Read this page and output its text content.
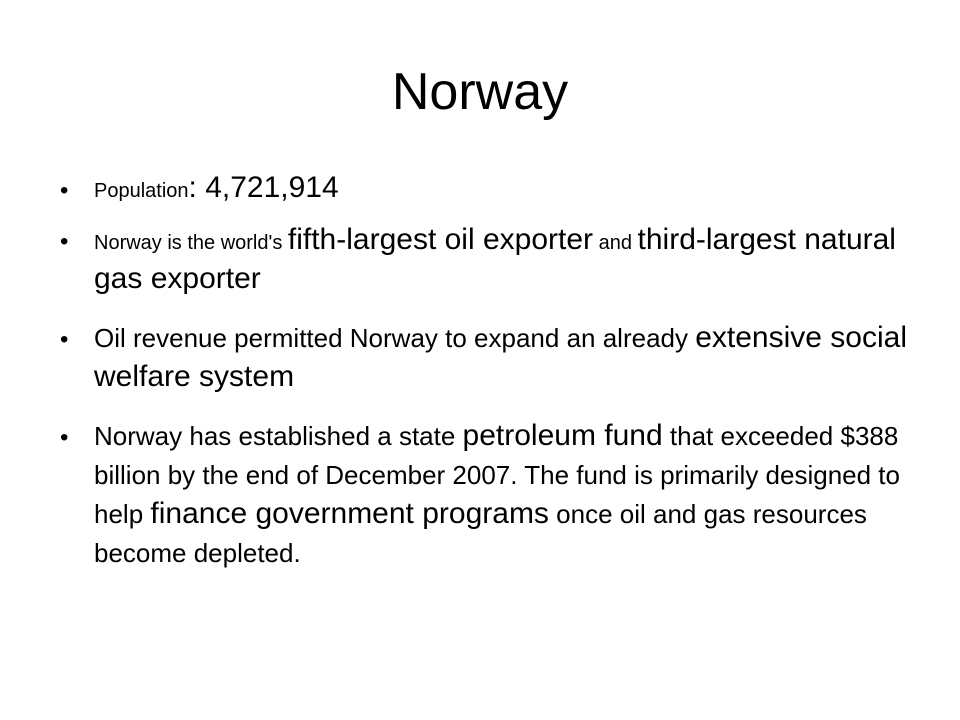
Norway
• Population: 4,721,914
• Norway is the world's fifth-largest oil exporter and third-largest natural gas exporter
• Oil revenue permitted Norway to expand an already extensive social welfare system
• Norway has established a state petroleum fund that exceeded $388 billion by the end of December 2007. The fund is primarily designed to help finance government programs once oil and gas resources become depleted.
